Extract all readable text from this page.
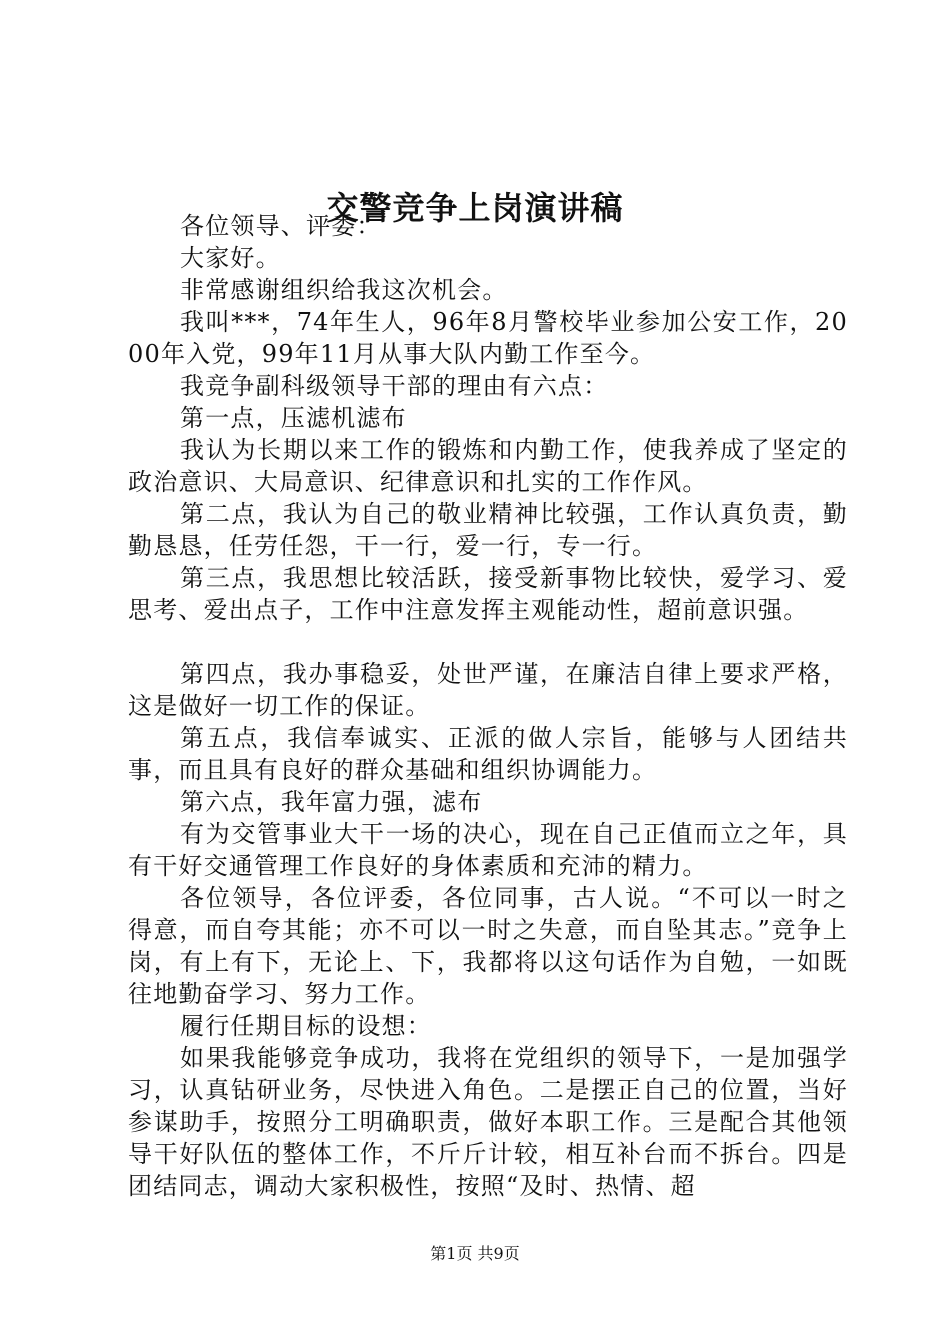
交警竞争上岗演讲稿

各位领导、评委：

大家好。

非常感谢组织给我这次机会。

我叫***，74年生人，96年8月警校毕业参加公安工作，2000年入党，99年11月从事大队内勤工作至今。

我竞争副科级领导干部的理由有六点：

第一点，压滤机滤布

我认为长期以来工作的锻炼和内勤工作，使我养成了坚定的政治意识、大局意识、纪律意识和扎实的工作作风。

第二点，我认为自己的敬业精神比较强，工作认真负责，勤勤恳恳，任劳任怨，干一行，爱一行，专一行。

第三点，我思想比较活跃，接受新事物比较快，爱学习、爱思考、爱出点子，工作中注意发挥主观能动性，超前意识强。

第四点，我办事稳妥，处世严谨，在廉洁自律上要求严格，这是做好一切工作的保证。

第五点，我信奉诚实、正派的做人宗旨，能够与人团结共事，而且具有良好的群众基础和组织协调能力。

第六点，我年富力强，滤布

有为交管事业大干一场的决心，现在自己正值而立之年，具有干好交通管理工作良好的身体素质和充沛的精力。

各位领导，各位评委，各位同事，古人说。“不可以一时之得意，而自夸其能；亦不可以一时之失意，而自坠其志。”竞争上岗，有上有下，无论上、下，我都将以这句话作为自勉，一如既往地勤奋学习、努力工作。

履行任期目标的设想：

如果我能够竞争成功，我将在党组织的领导下，一是加强学习，认真钻研业务，尽快进入角色。二是摆正自己的位置，当好参谋助手，按照分工明确职责，做好本职工作。三是配合其他领导干好队伍的整体工作，不斤斤计较，相互补台而不拆台。四是团结同志，调动大家积极性，按照“及时、热情、超

第1页 共9页
